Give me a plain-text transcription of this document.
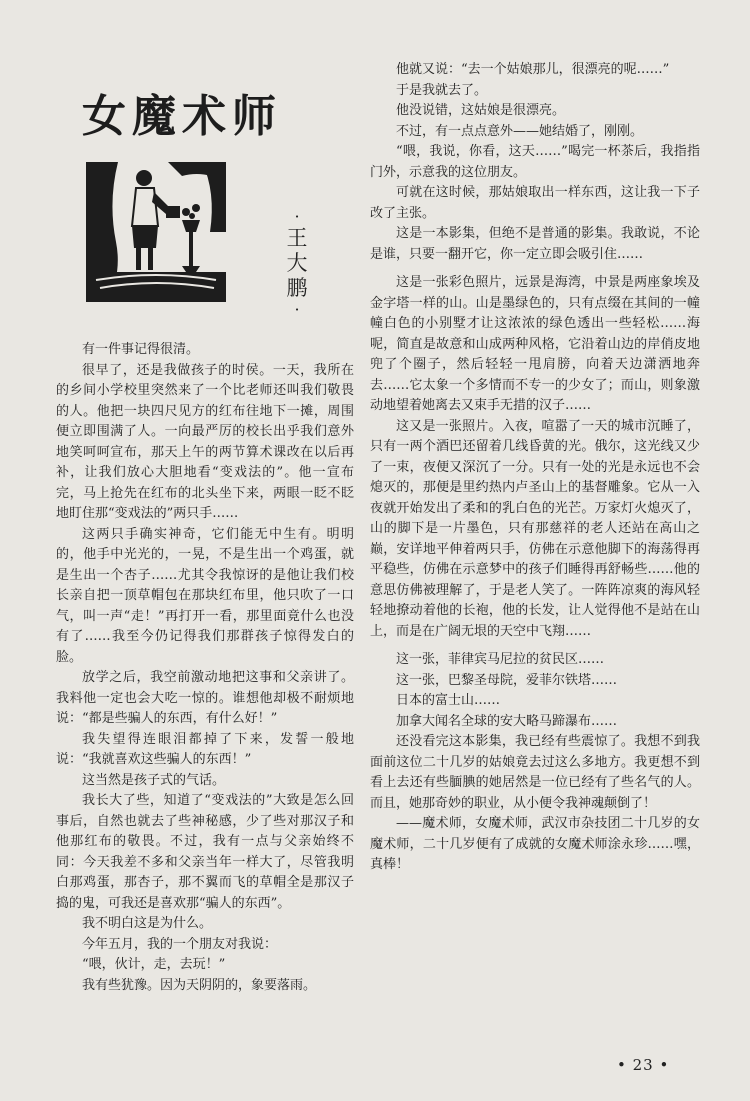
女魔术师
·
王
大
鹏
·

有一件事记得很清。

很早了，还是我做孩子的时侯。一天，我所在的乡间小学校里突然来了一个比老师还叫我们敬畏的人。他把一块四尺见方的红布往地下一摊，周围便立即围满了人。一向最严厉的校长出乎我们意外地笑呵呵宣布，那天上午的两节算术课改在以后再补，让我们放心大胆地看“变戏法的”。他一宣布完，马上抢先在红布的北头坐下来，两眼一眨不眨地盯住那“变戏法的”两只手……

这两只手确实神奇，它们能无中生有。明明的，他手中光光的，一晃，不是生出一个鸡蛋，就是生出一个杏子……尤其令我惊讶的是他让我们校长亲自把一顶草帽包在那块红布里，他只吹了一口气，叫一声“走！”再打开一看，那里面竟什么也没有了……我至今仍记得我们那群孩子惊得发白的脸。

放学之后，我空前激动地把这事和父亲讲了。我料他一定也会大吃一惊的。谁想他却极不耐烦地说：“都是些骗人的东西，有什么好！”

我失望得连眼泪都掉了下来，发誓一般地说：“我就喜欢这些骗人的东西！”

这当然是孩子式的气话。

我长大了些，知道了“变戏法的”大致是怎么回事后，自然也就去了些神秘感，少了些对那汉子和他那红布的敬畏。不过，我有一点与父亲始终不同：今天我差不多和父亲当年一样大了，尽管我明白那鸡蛋，那杏子，那不翼而飞的草帽全是那汉子捣的鬼，可我还是喜欢那“骗人的东西”。

我不明白这是为什么。

今年五月，我的一个朋友对我说：

“喂，伙计，走，去玩！”

我有些犹豫。因为天阴阴的，象要落雨。

他就又说：“去一个姑娘那儿，很漂亮的呢……”

于是我就去了。

他没说错，这姑娘是很漂亮。

不过，有一点点意外——她结婚了，刚刚。

“喂，我说，你看，这天……”喝完一杯茶后，我指指门外，示意我的这位朋友。

可就在这时候，那姑娘取出一样东西，这让我一下子改了主张。

这是一本影集，但绝不是普通的影集。我敢说，不论是谁，只要一翻开它，你一定立即会吸引住……

这是一张彩色照片，远景是海湾，中景是两座象埃及金字塔一样的山。山是墨绿色的，只有点缀在其间的一幢幢白色的小别墅才让这浓浓的绿色透出一些轻松……海呢，简直是故意和山成两种风格，它沿着山边的岸俏皮地兜了个圈子，然后轻轻一甩肩膀，向着天边潇洒地奔去……它太象一个多情而不专一的少女了；而山，则象激动地望着她离去又束手无措的汉子……

这又是一张照片。入夜，喧嚣了一天的城市沉睡了，只有一两个酒巴还留着几线昏黄的光。俄尔，这光线又少了一束，夜便又深沉了一分。只有一处的光是永远也不会熄灭的，那便是里约热内卢圣山上的基督雕象。它从一入夜就开始发出了柔和的乳白色的光芒。万家灯火熄灭了，山的脚下是一片墨色，只有那慈祥的老人还站在高山之巅，安详地平伸着两只手，仿佛在示意他脚下的海荡得再平稳些，仿佛在示意梦中的孩子们睡得再舒畅些……他的意思仿佛被理解了，于是老人笑了。一阵阵凉爽的海风轻轻地撩动着他的长袍，他的长发，让人觉得他不是站在山上，而是在广阔无垠的天空中飞翔……

这一张，菲律宾马尼拉的贫民区……

这一张，巴黎圣母院，爱菲尔铁塔……

日本的富士山……

加拿大闻名全球的安大略马蹄瀑布……

还没看完这本影集，我已经有些震惊了。我想不到我面前这位二十几岁的姑娘竟去过这么多地方。我更想不到看上去还有些腼腆的她居然是一位已经有了些名气的人。而且，她那奇妙的职业，从小便令我神魂颠倒了！

——魔术师，女魔术师，武汉市杂技团二十几岁的女魔术师，二十几岁便有了成就的女魔术师涂永珍……嘿，真棒！

• 23 •
